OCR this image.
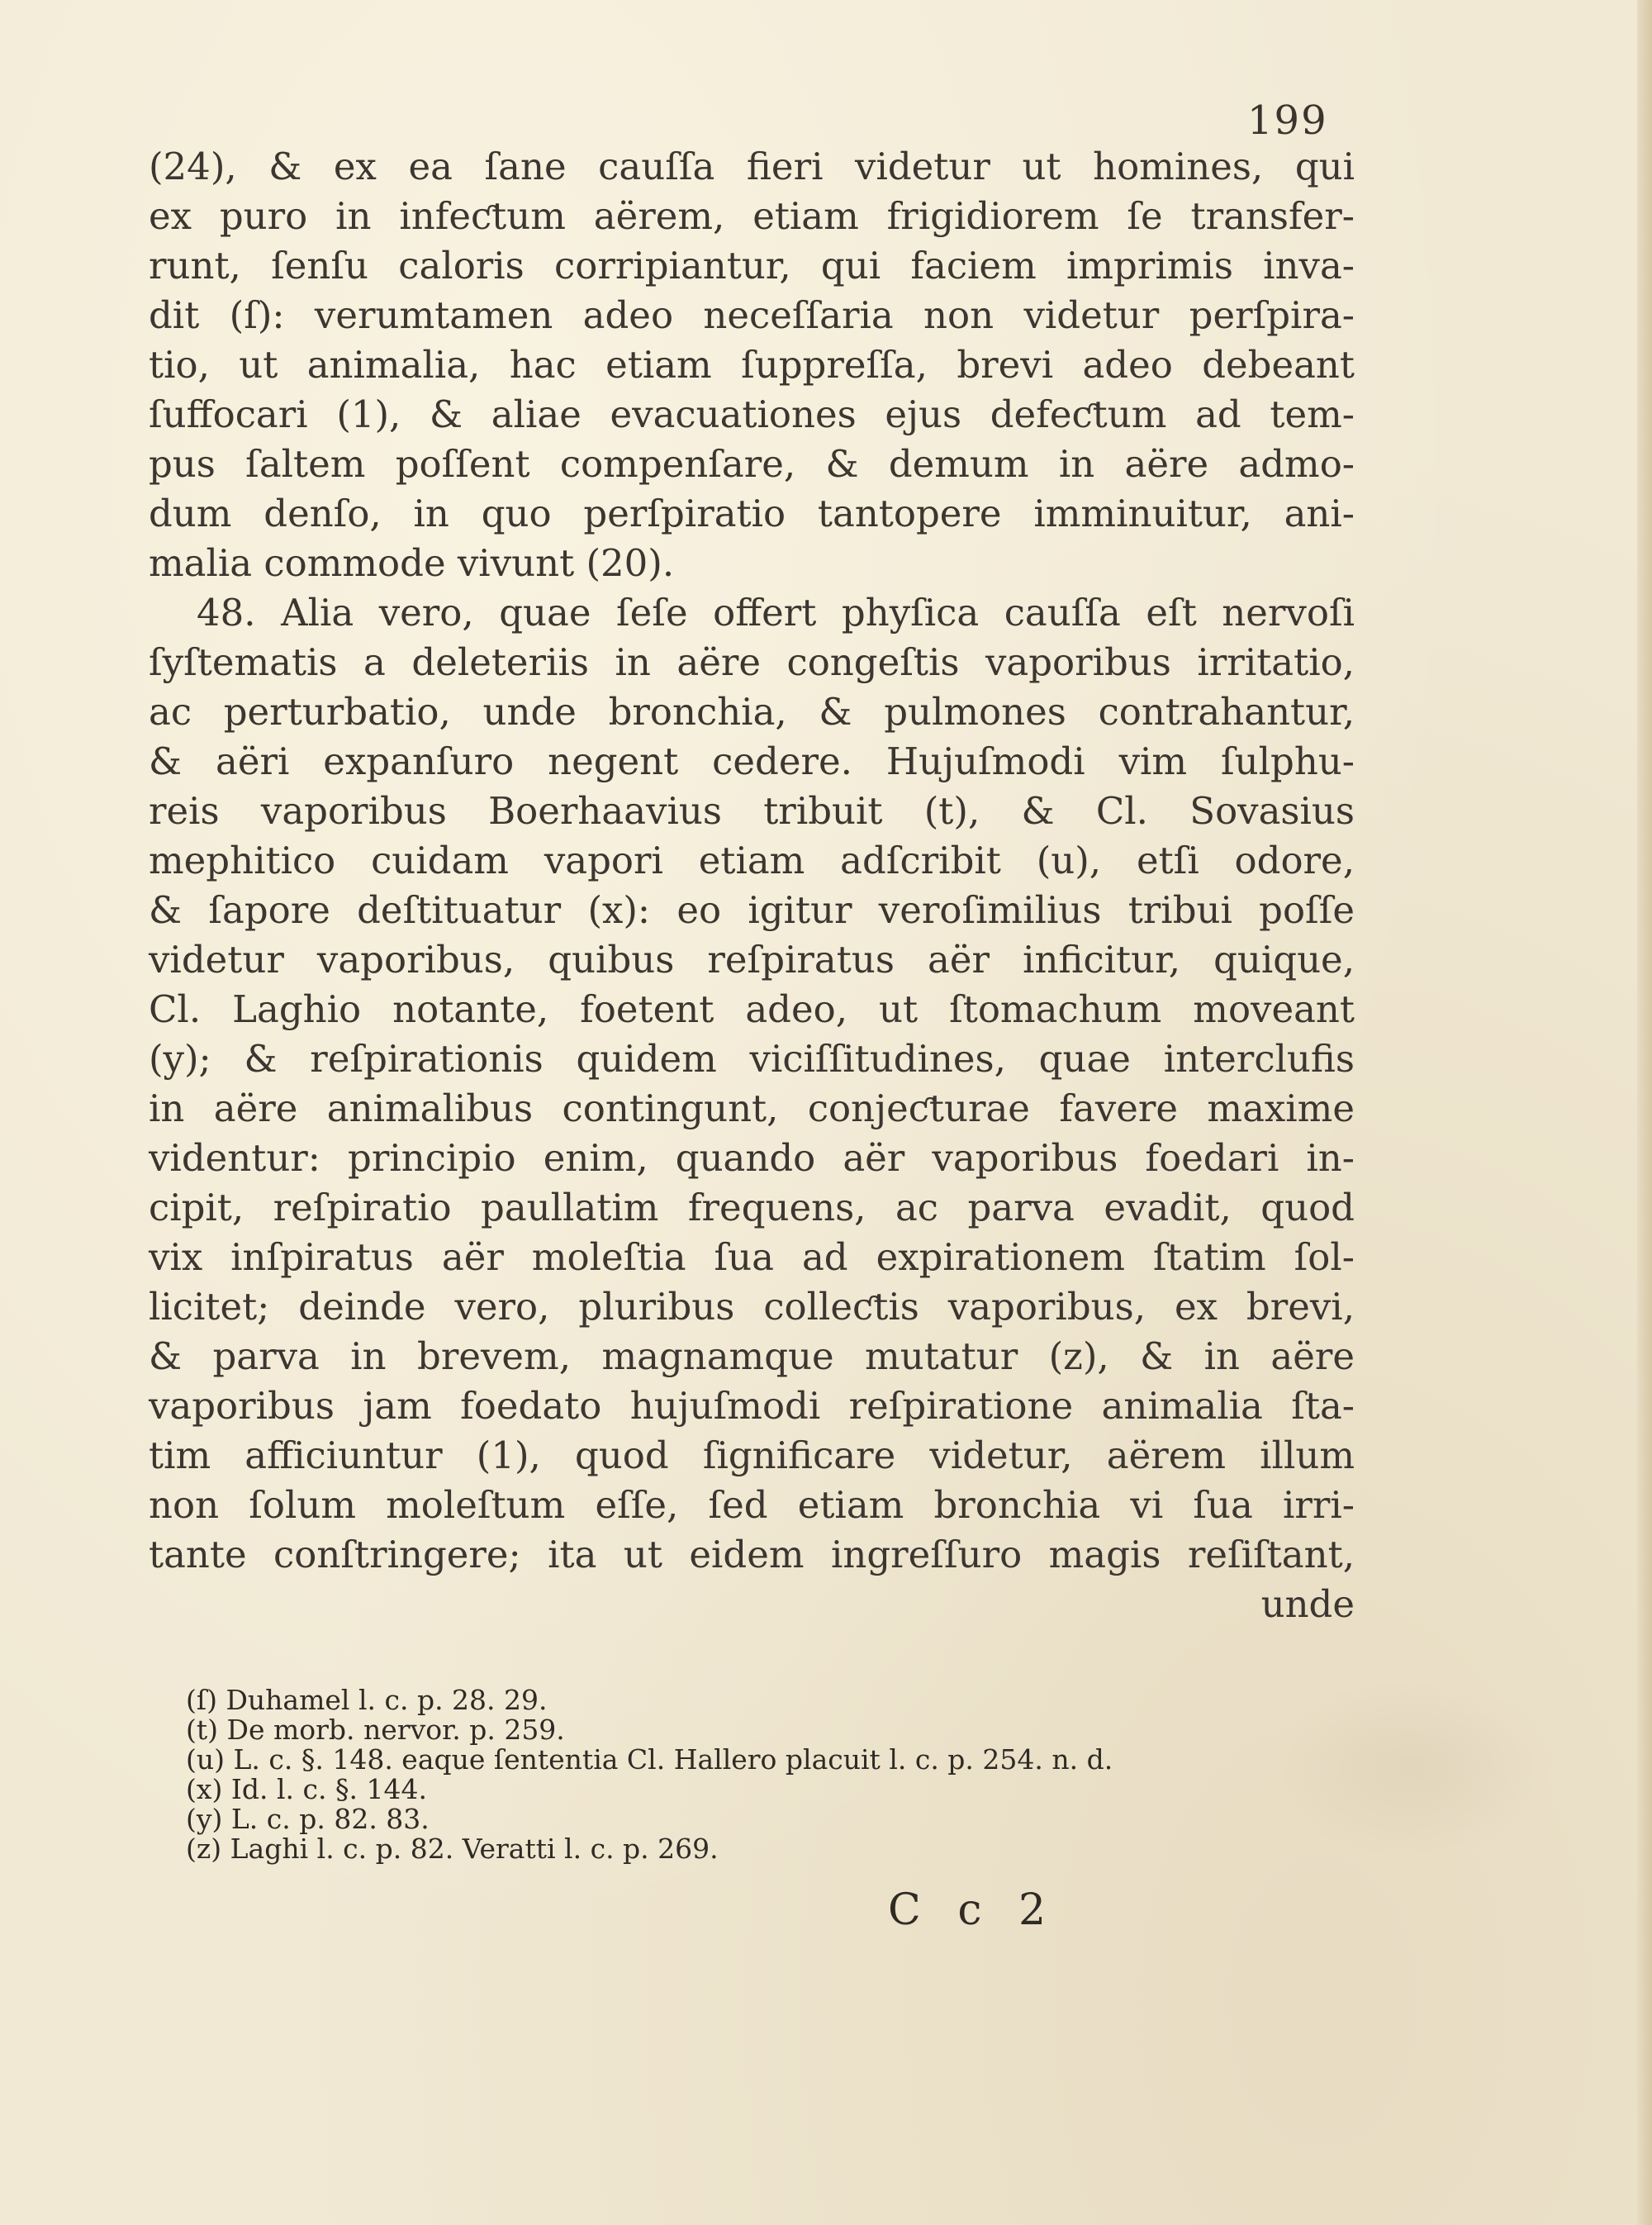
199
(24), & ex ea ſane cauſſa fieri videtur ut homines, qui
ex puro in infeƈtum aërem, etiam frigidiorem ſe transfer-
runt, ſenſu caloris corripiantur, qui faciem imprimis inva-
dit (ſ): verumtamen adeo neceſſaria non videtur perſpira-
tio, ut animalia, hac etiam ſuppreſſa, brevi adeo debeant
ſuffocari (1), & aliae evacuationes ejus defeƈtum ad tem-
pus ſaltem poſſent compenſare, & demum in aëre admo-
dum denſo, in quo perſpiratio tantopere imminuitur, ani-
malia commode vivunt (20).
48. Alia vero, quae ſeſe offert phyſica cauſſa eſt nervoſi
ſyſtematis a deleteriis in aëre congeſtis vaporibus irritatio,
ac perturbatio, unde bronchia, & pulmones contrahantur,
& aëri expanſuro negent cedere. Hujuſmodi vim ſulphu-
reis vaporibus Boerhaavius tribuit (t), & Cl. Sovasius
mephitico cuidam vapori etiam adſcribit (u), etſi odore,
& ſapore deſtituatur (x): eo igitur veroſimilius tribui poſſe
videtur vaporibus, quibus reſpiratus aër inficitur, quique,
Cl. Laghio notante, foetent adeo, ut ſtomachum moveant
(y); & reſpirationis quidem viciſſitudines, quae interclufis
in aëre animalibus contingunt, conjeƈturae favere maxime
videntur: principio enim, quando aër vaporibus foedari in-
cipit, reſpiratio paullatim frequens, ac parva evadit, quod
vix inſpiratus aër moleſtia ſua ad expirationem ſtatim ſol-
licitet; deinde vero, pluribus colleƈtis vaporibus, ex brevi,
& parva in brevem, magnamque mutatur (z), & in aëre
vaporibus jam foedato hujuſmodi reſpiratione animalia ſta-
tim afficiuntur (1), quod ſignificare videtur, aërem illum
non ſolum moleſtum eſſe, ſed etiam bronchia vi ſua irri-
tante conſtringere; ita ut eidem ingreſſuro magis reſiſtant,
unde
(ſ) Duhamel l. c. p. 28. 29.
(t) De morb. nervor. p. 259.
(u) L. c. §. 148. eaque ſententia Cl. Hallero placuit l. c. p. 254. n. d.
(x) Id. l. c. §. 144.
(y) L. c. p. 82. 83.
(z) Laghi l. c. p. 82. Veratti l. c. p. 269.
C c 2
